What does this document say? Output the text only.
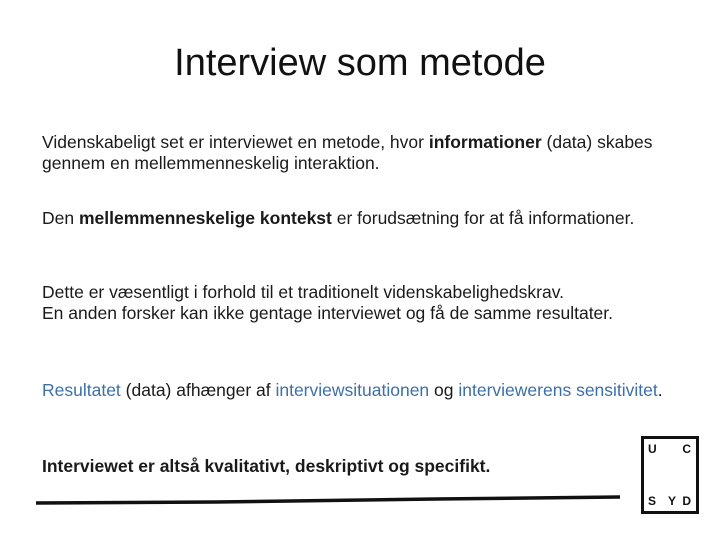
Interview som metode

Videnskabeligt set er interviewet en metode, hvor informationer (data) skabes gennem en mellemmenneskelig interaktion.

Den mellemmenneskelige kontekst er forudsætning for at få informationer.

Dette er væsentligt i forhold til et traditionelt videnskabelighedskrav.
En anden forsker kan ikke gentage interviewet og få de samme resultater.

Resultatet (data) afhænger af interviewsituationen og interviewerens sensitivitet.

Interviewet er altså kvalitativt, deskriptivt og specifikt.

U C
S Y D
